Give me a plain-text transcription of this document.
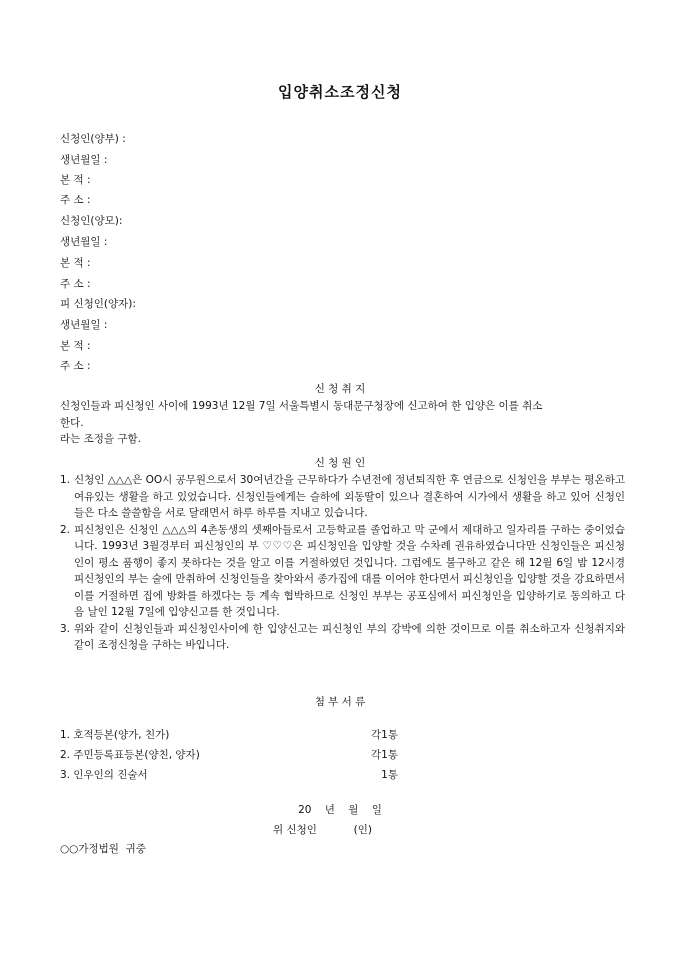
입양취소조정신청
신청인(양부) :
생년월일 :
본 적 :
주 소 :
신청인(양모):
생년월일 :
본 적 :
주 소 :
피 신청인(양자):
생년월일 :
본 적 :
주 소 :
신 청 취 지

신청인들과 피신청인 사이에 1993년 12월 7일 서울특별시 동대문구청장에 신고하여 한 입양은 이를 취소

한다.

라는 조정을 구함.

신 청 원 인
1. 신청인 △△△은 OO시 공무원으로서 30여년간을 근무하다가 수년전에 정년퇴직한 후 연금으로 신청인을 부부는 평온하고 여유있는 생활을 하고 있었습니다. 신청인들에게는 슬하에 외동딸이 있으나 결혼하여 시가에서 생활을 하고 있어 신청인들은 다소 쓸쓸함을 서로 달래면서 하루 하루를 지내고 있습니다.
2. 피신청인은 신청인 △△△의 4촌동생의 셋째아들로서 고등학교를 졸업하고 막 군에서 제대하고 일자리를 구하는 중이었습니다. 1993년 3월경부터 피신청인의 부 ♡♡♡은 피신청인을 입양할 것을 수차례 권유하였습니다만 신청인들은 피신청인이 평소 품행이 좋지 못하다는 것을 알고 이를 거절하였던 것입니다. 그럼에도 불구하고 같은 해 12월 6일 밤 12시경 피신청인의 부는 술에 만취하여 신청인들을 찾아와서 종가집에 대를 이어야 한다면서 피신청인을 입양할 것을 강요하면서 이를 거절하면 집에 방화를 하겠다는 등 계속 협박하므로 신청인 부부는 공포심에서 피신청인을 입양하기로 동의하고 다음 날인 12월 7일에 입양신고를 한 것입니다.
3. 위와 같이 신청인들과 피신청인사이에 한 입양신고는 피신청인 부의 강박에 의한 것이므로 이를 취소하고자 신청취지와 같이 조정신청을 구하는 바입니다.
첨 부 서 류
1. 호적등본(양가, 친가)	각1통
2. 주민등록표등본(양친, 양자)	각1통
3. 인우인의 진술서	1통
20    년    월    일
위 신청인           (인)
○○가정법원  귀중
